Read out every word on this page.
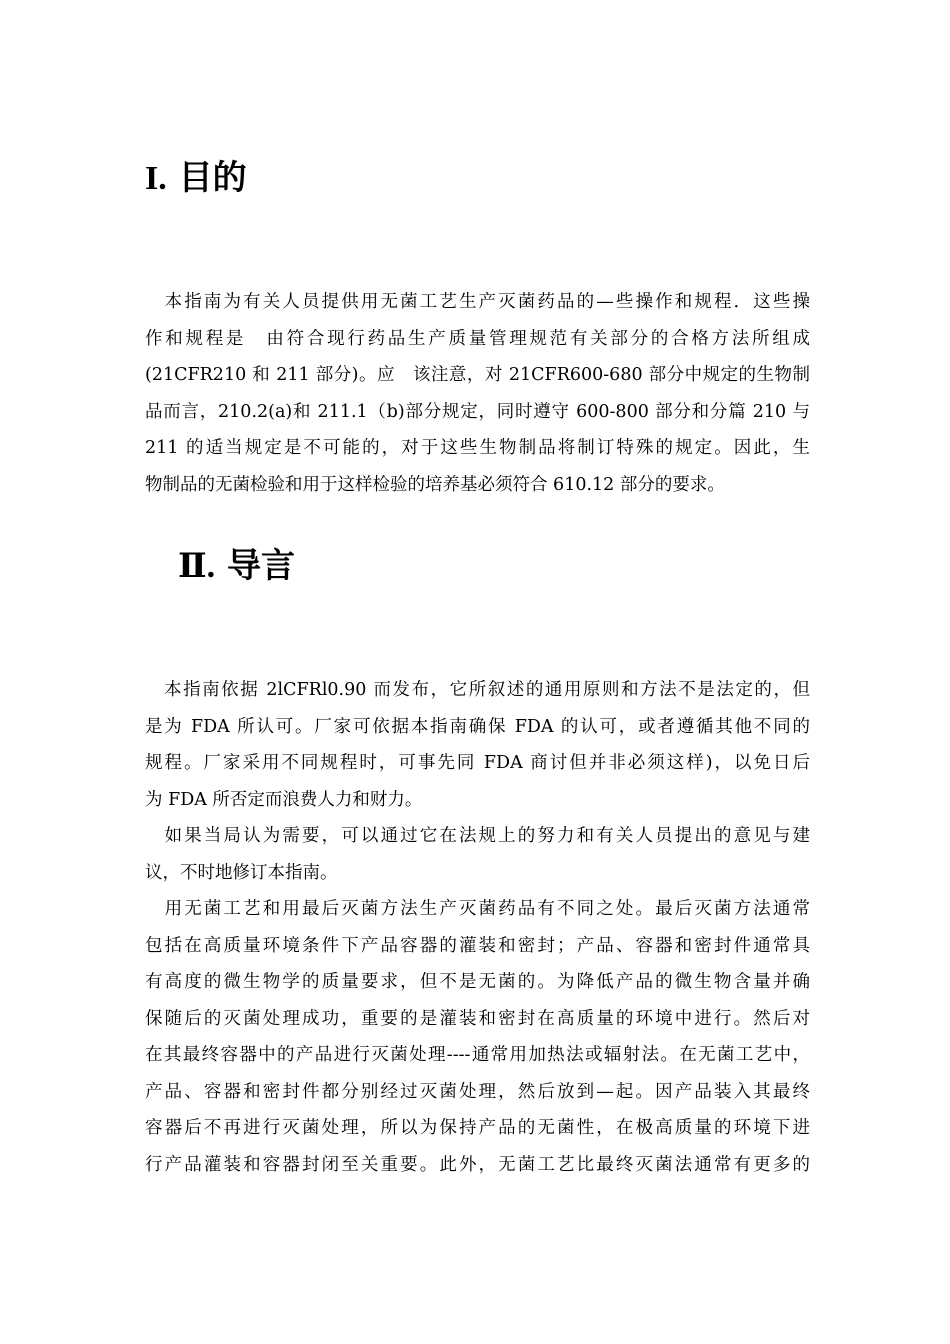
I. 目的
　本指南为有关人员提供用无菌工艺生产灭菌药品的—些操作和规程．这些操
作和规程是　由符合现行药品生产质量管理规范有关部分的合格方法所组成
(21CFR210 和 211 部分)。应　该注意，对 21CFR600-680 部分中规定的生物制
品而言，210.2(a)和 211.1（b)部分规定，同时遵守 600-800 部分和分篇 210 与
211 的适当规定是不可能的，对于这些生物制品将制订特殊的规定。因此，生
物制品的无菌检验和用于这样检验的培养基必须符合 610.12 部分的要求。
Ⅱ. 导言
　本指南依据 2lCFRl0.90 而发布，它所叙述的通用原则和方法不是法定的，但
是为 FDA 所认可。厂家可依据本指南确保 FDA 的认可，或者遵循其他不同的
规程。厂家采用不同规程时，可事先同 FDA 商讨但并非必须这样)，以免日后
为 FDA 所否定而浪费人力和财力。
　如果当局认为需要，可以通过它在法规上的努力和有关人员提出的意见与建
议，不时地修订本指南。
　用无菌工艺和用最后灭菌方法生产灭菌药品有不同之处。最后灭菌方法通常
包括在高质量环境条件下产品容器的灌装和密封；产品、容器和密封件通常具
有高度的微生物学的质量要求，但不是无菌的。为降低产品的微生物含量并确
保随后的灭菌处理成功，重要的是灌装和密封在高质量的环境中进行。然后对
在其最终容器中的产品进行灭菌处理----通常用加热法或辐射法。在无菌工艺中，
产品、容器和密封件都分别经过灭菌处理，然后放到—起。因产品装入其最终
容器后不再进行灭菌处理，所以为保持产品的无菌性，在极高质量的环境下进
行产品灌装和容器封闭至关重要。此外，无菌工艺比最终灭菌法通常有更多的
